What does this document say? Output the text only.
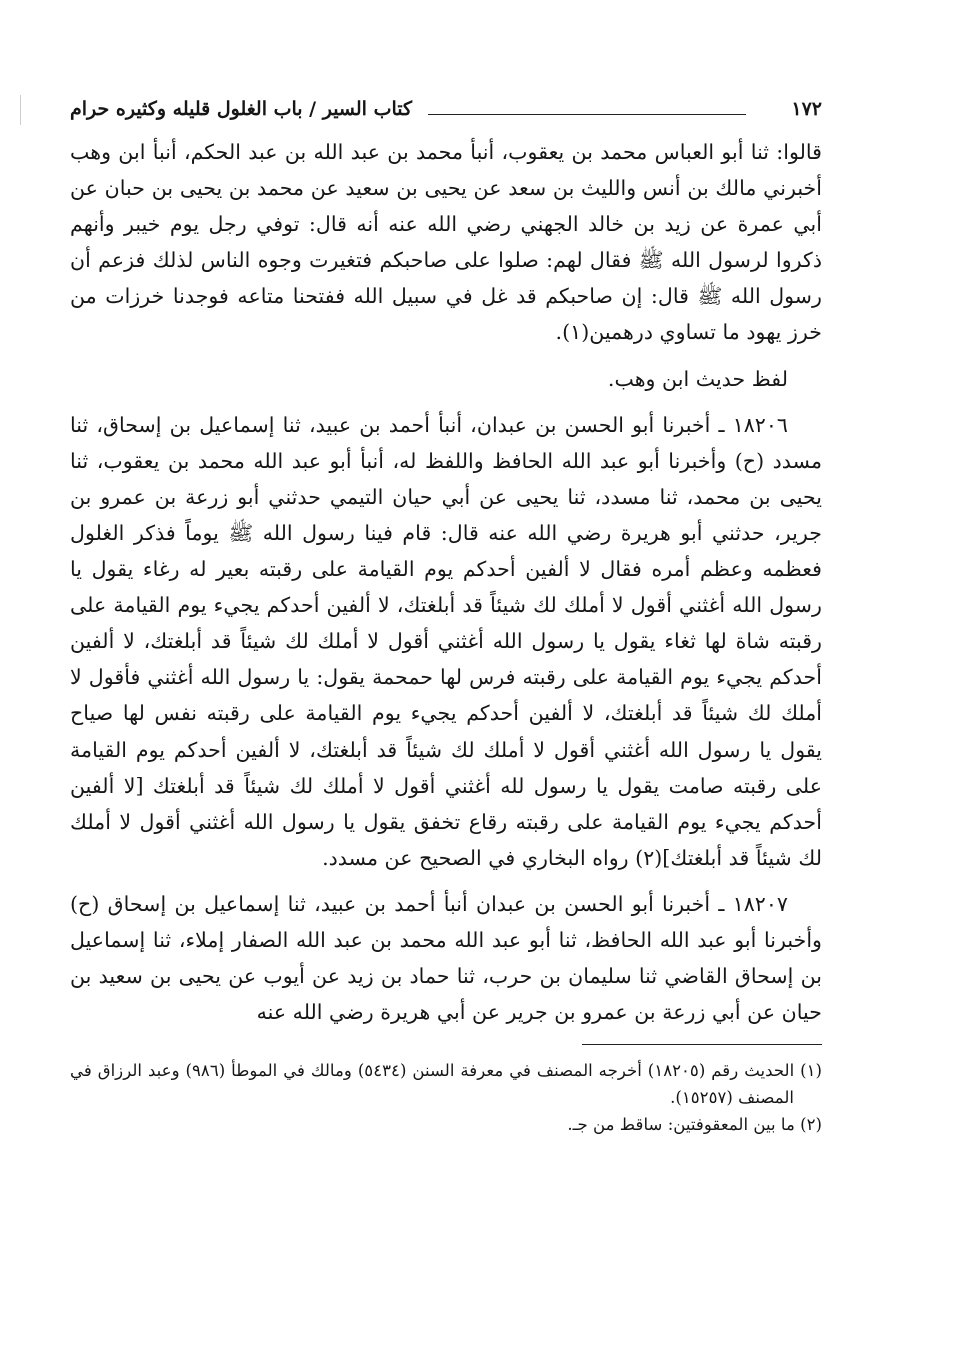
١٧٢
كتاب السير / باب الغلول قليله وكثيره حرام

قالوا: ثنا أبو العباس محمد بن يعقوب، أنبأ محمد بن عبد الله بن عبد الحكم، أنبأ ابن وهب أخبرني مالك بن أنس والليث بن سعد عن يحيى بن سعيد عن محمد بن يحيى بن حبان عن أبي عمرة عن زيد بن خالد الجهني رضي الله عنه أنه قال: توفي رجل يوم خيبر وأنهم ذكروا لرسول الله ﷺ فقال لهم: صلوا على صاحبكم فتغيرت وجوه الناس لذلك فزعم أن رسول الله ﷺ قال: إن صاحبكم قد غل في سبيل الله ففتحنا متاعه فوجدنا خرزات من خرز يهود ما تساوي درهمين(١).

لفظ حديث ابن وهب.

١٨٢٠٦ ـ أخبرنا أبو الحسن بن عبدان، أنبأ أحمد بن عبيد، ثنا إسماعيل بن إسحاق، ثنا مسدد (ح) وأخبرنا أبو عبد الله الحافظ واللفظ له، أنبأ أبو عبد الله محمد بن يعقوب، ثنا يحيى بن محمد، ثنا مسدد، ثنا يحيى عن أبي حيان التيمي حدثني أبو زرعة بن عمرو بن جرير، حدثني أبو هريرة رضي الله عنه قال: قام فينا رسول الله ﷺ يوماً فذكر الغلول فعظمه وعظم أمره فقال لا ألفين أحدكم يوم القيامة على رقبته بعير له رغاء يقول يا رسول الله أغثني أقول لا أملك لك شيئاً قد أبلغتك، لا ألفين أحدكم يجيء يوم القيامة على رقبته شاة لها ثغاء يقول يا رسول الله أغثني أقول لا أملك لك شيئاً قد أبلغتك، لا ألفين أحدكم يجيء يوم القيامة على رقبته فرس لها حمحمة يقول: يا رسول الله أغثني فأقول لا أملك لك شيئاً قد أبلغتك، لا ألفين أحدكم يجيء يوم القيامة على رقبته نفس لها صياح يقول يا رسول الله أغثني أقول لا أملك لك شيئاً قد أبلغتك، لا ألفين أحدكم يوم القيامة على رقبته صامت يقول يا رسول لله أغثني أقول لا أملك لك شيئاً قد أبلغتك [لا ألفين أحدكم يجيء يوم القيامة على رقبته رقاع تخفق يقول يا رسول الله أغثني أقول لا أملك لك شيئاً قد أبلغتك](٢) رواه البخاري في الصحيح عن مسدد.

١٨٢٠٧ ـ أخبرنا أبو الحسن بن عبدان أنبأ أحمد بن عبيد، ثنا إسماعيل بن إسحاق (ح) وأخبرنا أبو عبد الله الحافظ، ثنا أبو عبد الله محمد بن عبد الله الصفار إملاء، ثنا إسماعيل بن إسحاق القاضي ثنا سليمان بن حرب، ثنا حماد بن زيد عن أيوب عن يحيى بن سعيد بن حيان عن أبي زرعة بن عمرو بن جرير عن أبي هريرة رضي الله عنه

(١) الحديث رقم (١٨٢٠٥) أخرجه المصنف في معرفة السنن (٥٤٣٤) ومالك في الموطأ (٩٨٦) وعبد الرزاق في المصنف (١٥٢٥٧).

(٢) ما بين المعقوفتين: ساقط من جـ.
